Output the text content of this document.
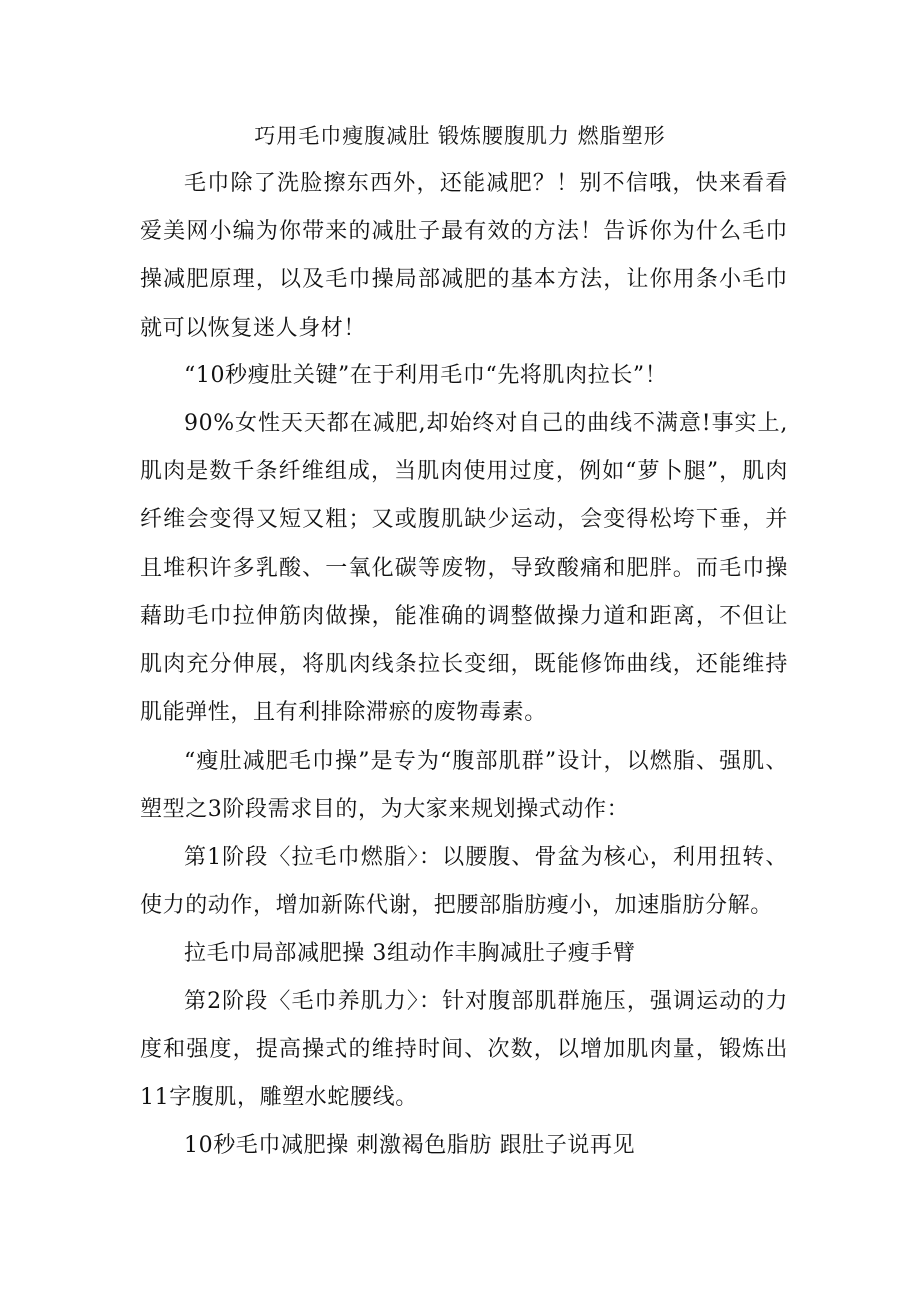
巧用毛巾瘦腹减肚 锻炼腰腹肌力 燃脂塑形

毛巾除了洗脸擦东西外，还能减肥？！别不信哦，快来看看爱美网小编为你带来的减肚子最有效的方法！告诉你为什么毛巾操减肥原理，以及毛巾操局部减肥的基本方法，让你用条小毛巾就可以恢复迷人身材！

“10秒瘦肚关键”在于利用毛巾“先将肌肉拉长”！

90%女性天天都在减肥,却始终对自己的曲线不满意!事实上,肌肉是数千条纤维组成，当肌肉使用过度，例如“萝卜腿”，肌肉纤维会变得又短又粗；又或腹肌缺少运动，会变得松垮下垂，并且堆积许多乳酸、一氧化碳等废物，导致酸痛和肥胖。而毛巾操藉助毛巾拉伸筋肉做操，能准确的调整做操力道和距离，不但让肌肉充分伸展，将肌肉线条拉长变细，既能修饰曲线，还能维持肌能弹性，且有利排除滞瘀的废物毒素。

“瘦肚减肥毛巾操”是专为“腹部肌群”设计，以燃脂、强肌、塑型之3阶段需求目的，为大家来规划操式动作：

第1阶段〈拉毛巾燃脂〉：以腰腹、骨盆为核心，利用扭转、使力的动作，增加新陈代谢，把腰部脂肪瘦小，加速脂肪分解。

拉毛巾局部减肥操 3组动作丰胸减肚子瘦手臂

第2阶段〈毛巾养肌力〉：针对腹部肌群施压，强调运动的力度和强度，提高操式的维持时间、次数，以增加肌肉量，锻炼出11字腹肌，雕塑水蛇腰线。

10秒毛巾减肥操 刺激褐色脂肪 跟肚子说再见
